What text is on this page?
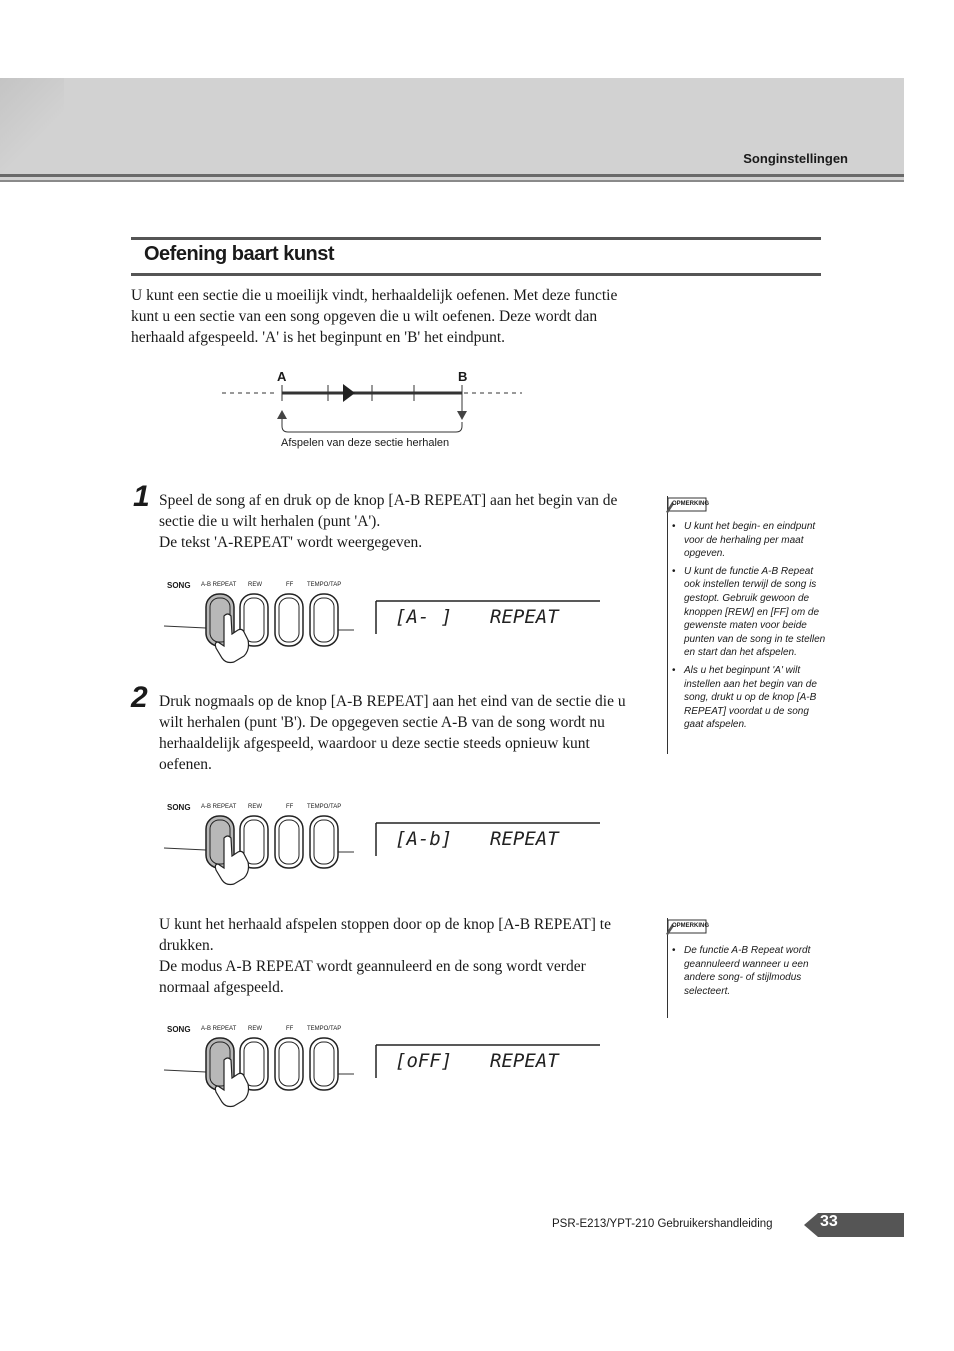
Songinstellingen
Oefening baart kunst
U kunt een sectie die u moeilijk vindt, herhaaldelijk oefenen. Met deze functie kunt u een sectie van een song opgeven die u wilt oefenen. Deze wordt dan herhaald afgespeeld. 'A' is het beginpunt en 'B' het eindpunt.
A	B
Afspelen van deze sectie herhalen
1 Speel de song af en druk op de knop [A-B REPEAT] aan het begin van de sectie die u wilt herhalen (punt 'A').
De tekst 'A-REPEAT' wordt weergegeven.
OPMERKING
• U kunt het begin- en eindpunt voor de herhaling per maat opgeven.
• U kunt de functie A-B Repeat ook instellen terwijl de song is gestopt. Gebruik gewoon de knoppen [REW] en [FF] om de gewenste maten voor beide punten van de song in te stellen en start dan het afspelen.
• Als u het beginpunt 'A' wilt instellen aan het begin van de song, drukt u op de knop [A-B REPEAT] voordat u de song gaat afspelen.
SONG A-B REPEAT REW	FF TEMPO/TAP
[A- ] REPEAT
SONG A-B REPEAT REW	FF TEMPO/TAP
[A-b] REPEAT
SONG A-B REPEAT REW	FF TEMPO/TAP
[oFF] REPEAT
2 Druk nogmaals op de knop [A-B REPEAT] aan het eind van de sectie die u wilt herhalen (punt 'B'). De opgegeven sectie A-B van de song wordt nu herhaaldelijk afgespeeld, waardoor u deze sectie steeds opnieuw kunt oefenen.
U kunt het herhaald afspelen stoppen door op de knop [A-B REPEAT] te drukken.
De modus A-B REPEAT wordt geannuleerd en de song wordt verder normaal afgespeeld.
OPMERKING
• De functie A-B Repeat wordt geannuleerd wanneer u een andere song- of stijlmodus selecteert.
PSR-E213/YPT-210 Gebruikershandleiding	33
